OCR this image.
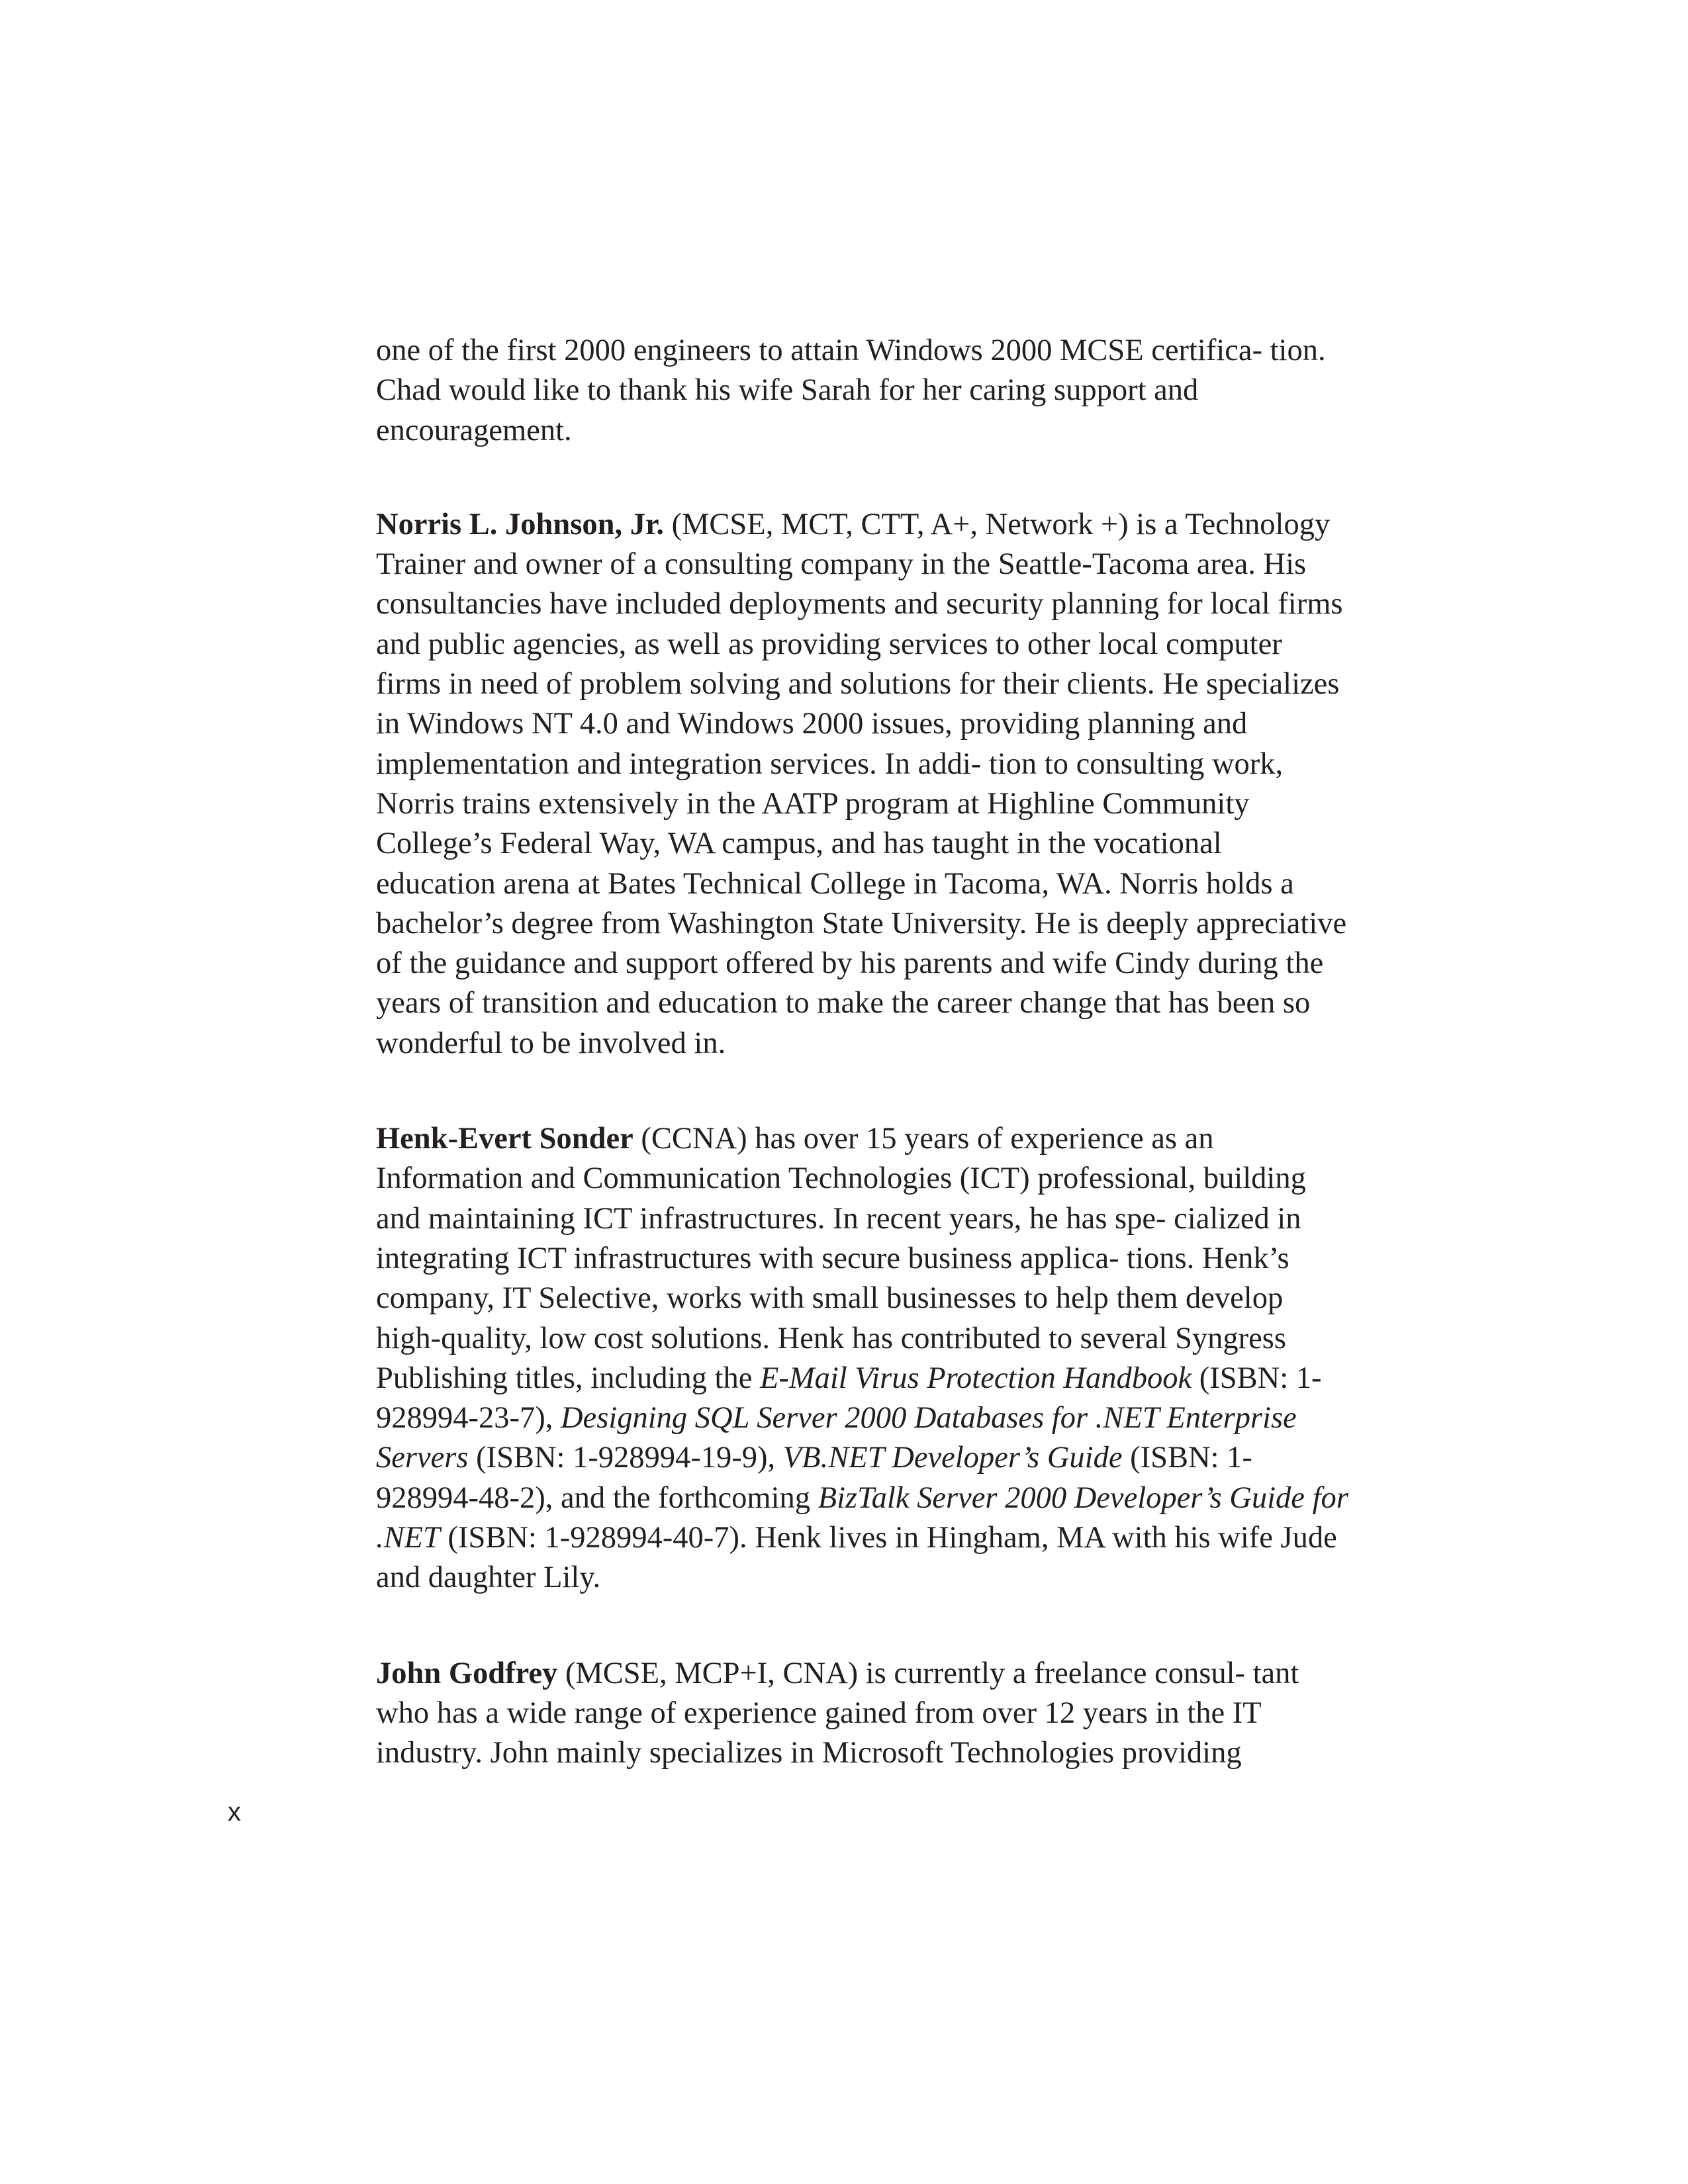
one of the first 2000 engineers to attain Windows 2000 MCSE certifica- tion. Chad would like to thank his wife Sarah for her caring support and encouragement.

Norris L. Johnson, Jr. (MCSE, MCT, CTT, A+, Network +) is a Technology Trainer and owner of a consulting company in the Seattle-Tacoma area. His consultancies have included deployments and security planning for local firms and public agencies, as well as providing services to other local computer firms in need of problem solving and solutions for their clients. He specializes in Windows NT 4.0 and Windows 2000 issues, providing planning and implementation and integration services. In addi- tion to consulting work, Norris trains extensively in the AATP program at Highline Community College’s Federal Way, WA campus, and has taught in the vocational education arena at Bates Technical College in Tacoma, WA. Norris holds a bachelor’s degree from Washington State University. He is deeply appreciative of the guidance and support offered by his parents and wife Cindy during the years of transition and education to make the career change that has been so wonderful to be involved in.

Henk-Evert Sonder (CCNA) has over 15 years of experience as an Information and Communication Technologies (ICT) professional, building and maintaining ICT infrastructures. In recent years, he has spe- cialized in integrating ICT infrastructures with secure business applica- tions. Henk’s company, IT Selective, works with small businesses to help them develop high-quality, low cost solutions. Henk has contributed to several Syngress Publishing titles, including the E-Mail Virus Protection Handbook (ISBN: 1-928994-23-7), Designing SQL Server 2000 Databases for .NET Enterprise Servers (ISBN: 1-928994-19-9), VB.NET Developer’s Guide (ISBN: 1-928994-48-2), and the forthcoming BizTalk Server 2000 Developer’s Guide for .NET (ISBN: 1-928994-40-7). Henk lives in Hingham, MA with his wife Jude and daughter Lily.

John Godfrey (MCSE, MCP+I, CNA) is currently a freelance consul- tant who has a wide range of experience gained from over 12 years in the IT industry. John mainly specializes in Microsoft Technologies providing

x
